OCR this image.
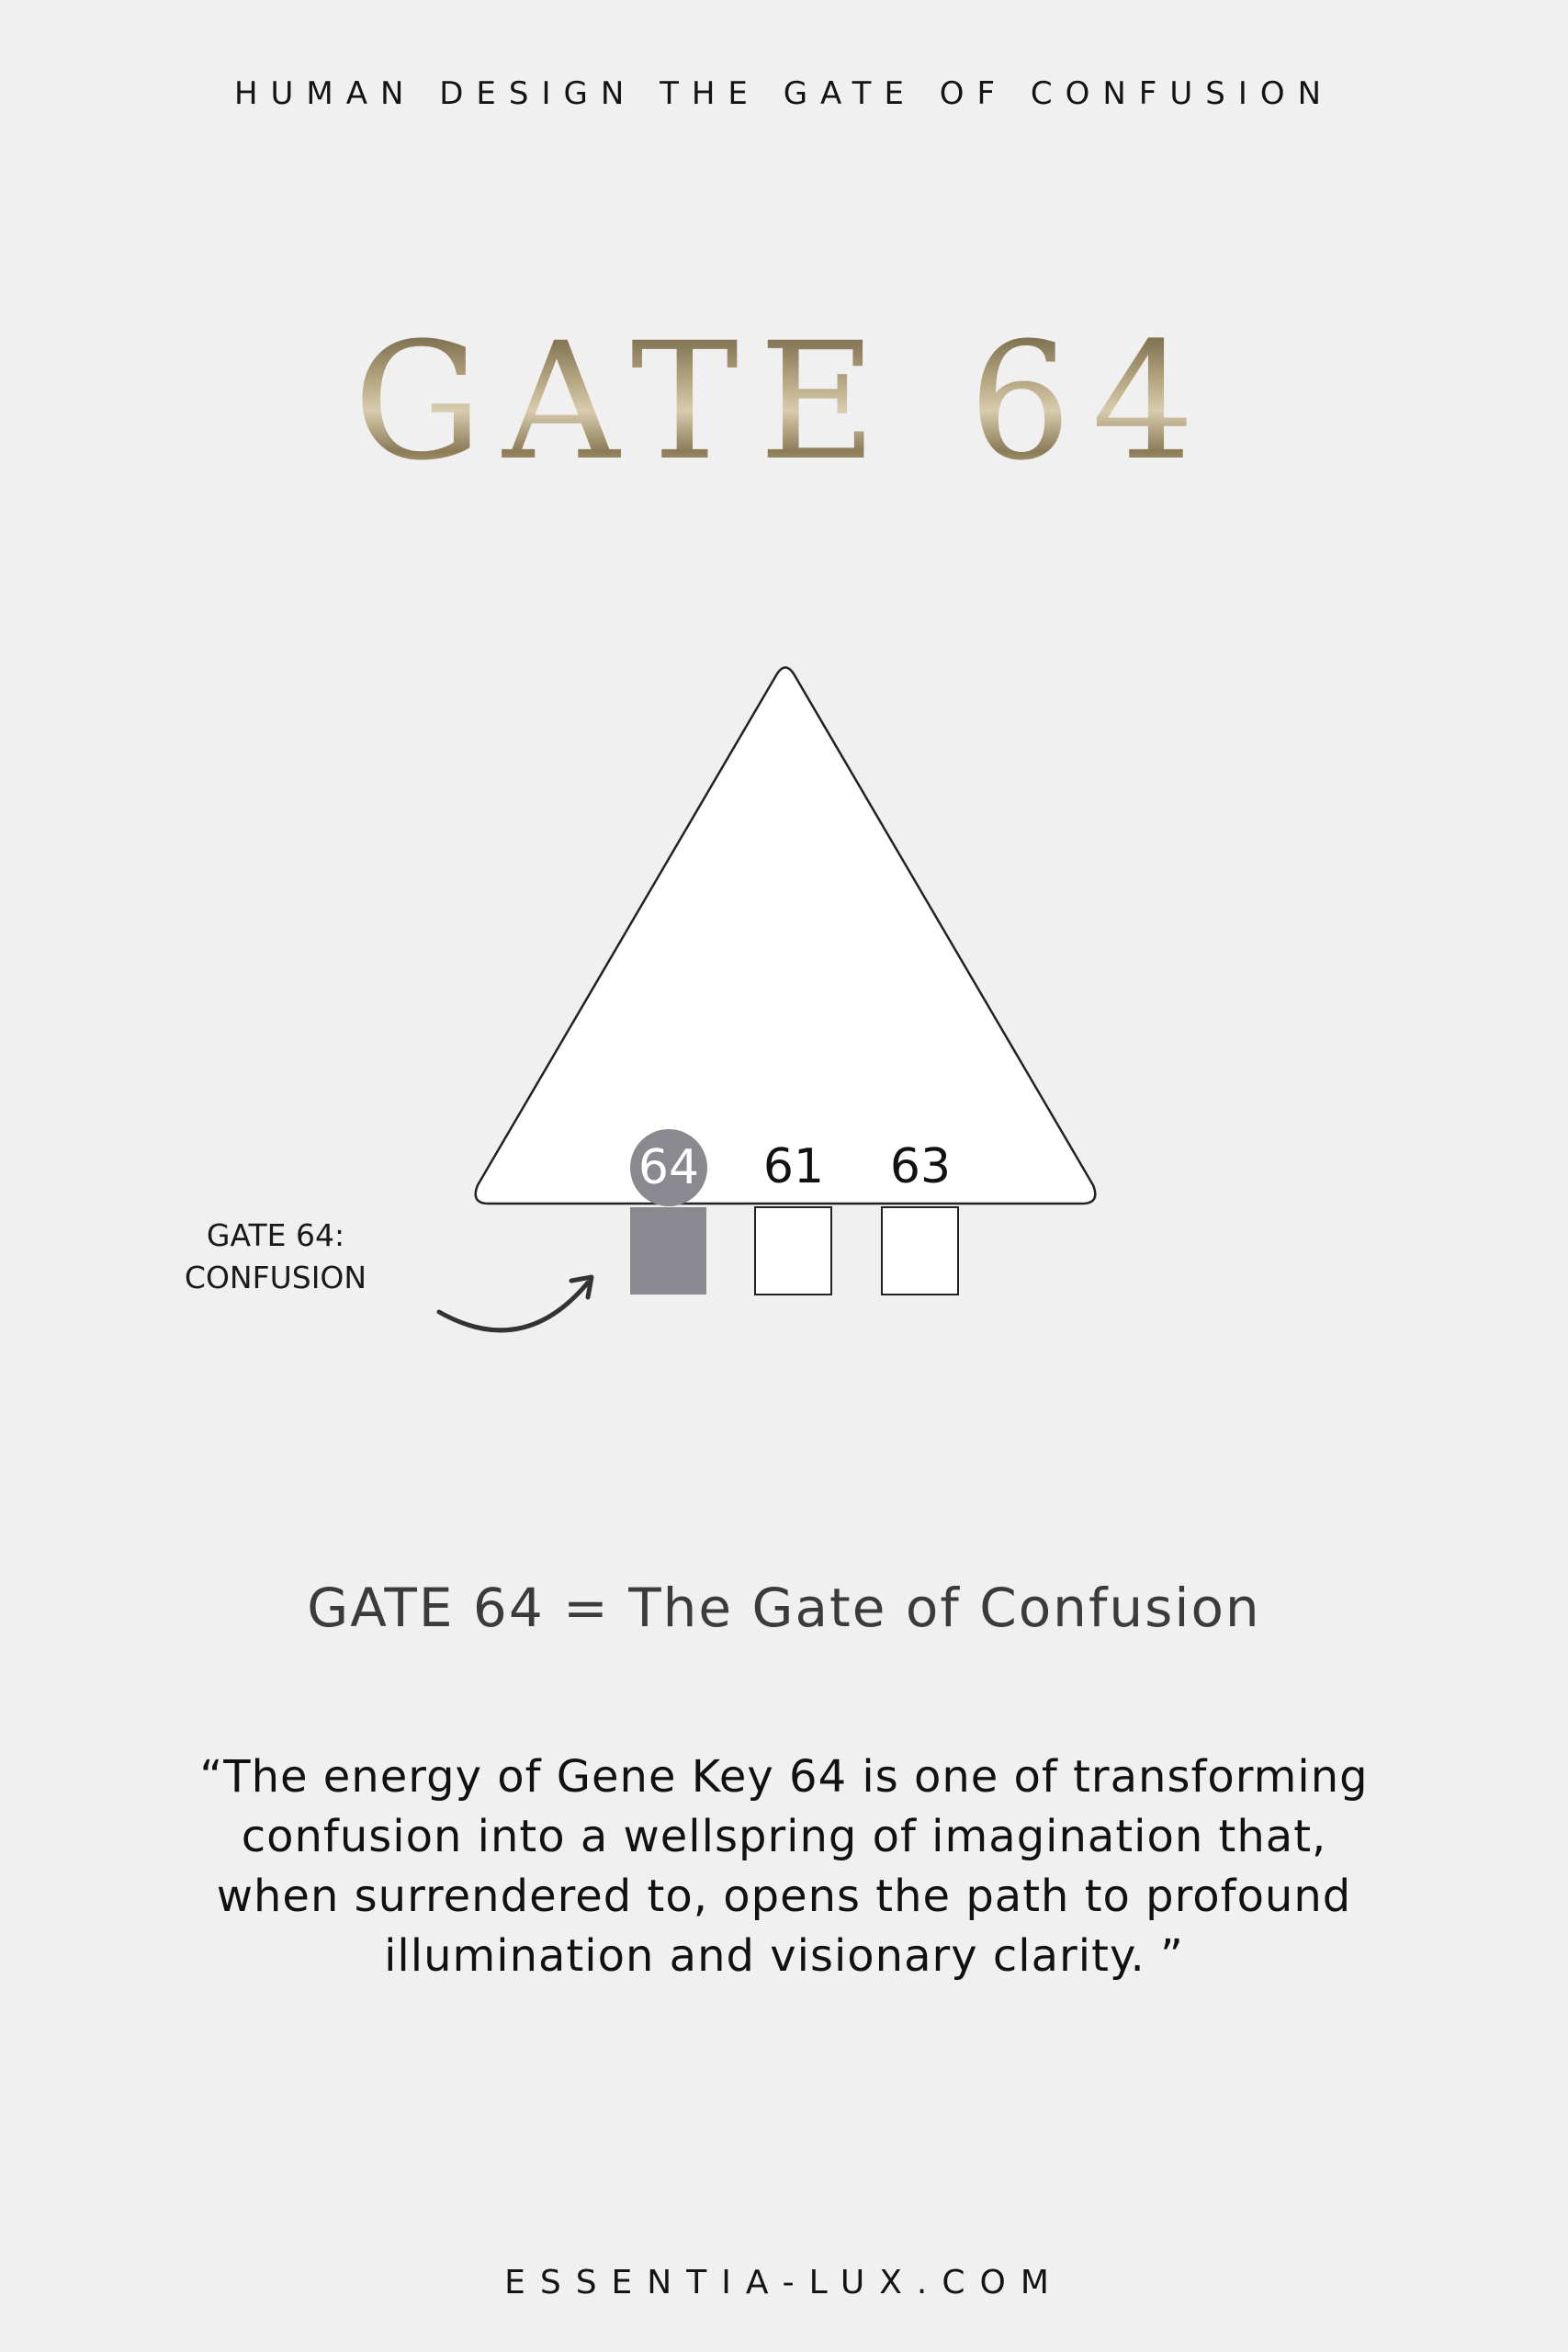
HUMAN DESIGN THE GATE OF CONFUSION
GATE 64
64	61	63
GATE 64:
CONFUSION
GATE 64 = The Gate of Confusion
“The energy of Gene Key 64 is one of transforming confusion into a wellspring of imagination that, when surrendered to, opens the path to profound illumination and visionary clarity. ”
ESSENTIA-LUX.COM
